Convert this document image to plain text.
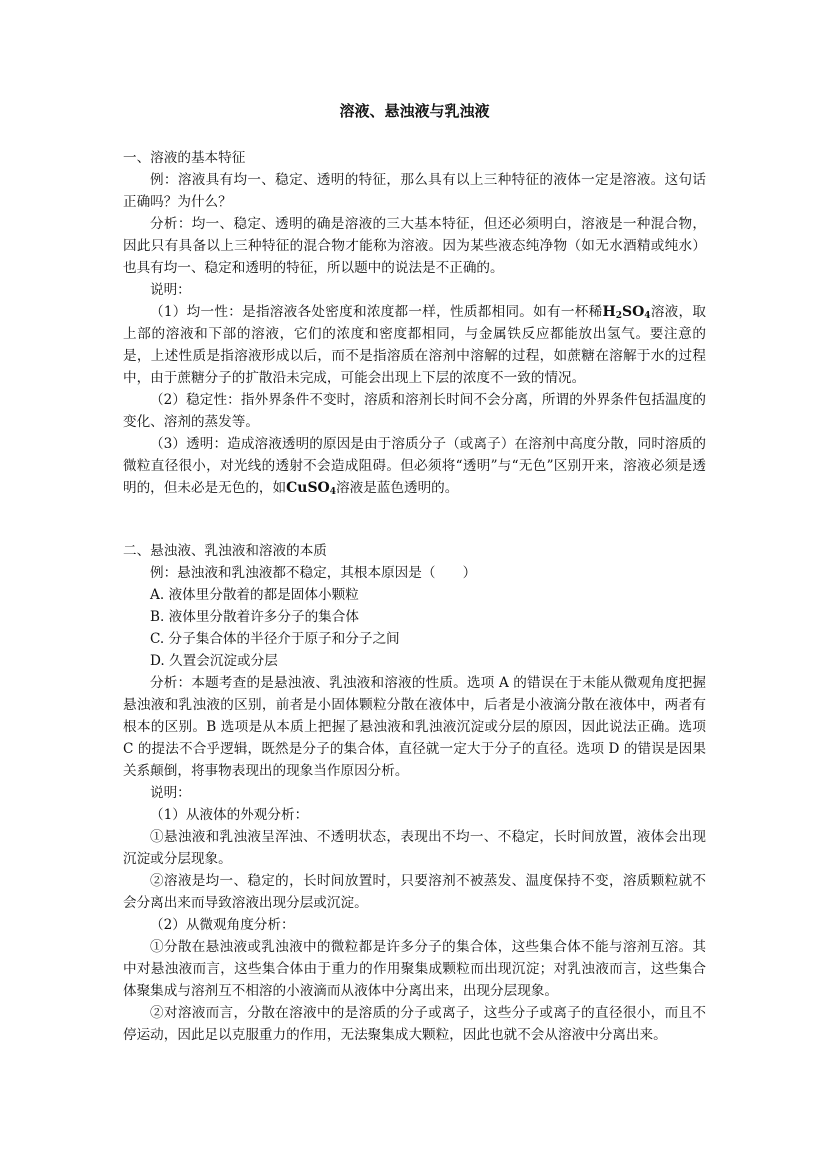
溶液、悬浊液与乳浊液

一、溶液的基本特征

例：溶液具有均一、稳定、透明的特征，那么具有以上三种特征的液体一定是溶液。这句话正确吗？为什么？

分析：均一、稳定、透明的确是溶液的三大基本特征，但还必须明白，溶液是一种混合物，因此只有具备以上三种特征的混合物才能称为溶液。因为某些液态纯净物（如无水酒精或纯水）也具有均一、稳定和透明的特征，所以题中的说法是不正确的。

说明：

（1）均一性：是指溶液各处密度和浓度都一样，性质都相同。如有一杯稀$H_2SO_4$溶液，取上部的溶液和下部的溶液，它们的浓度和密度都相同，与金属铁反应都能放出氢气。要注意的是，上述性质是指溶液形成以后，而不是指溶质在溶剂中溶解的过程，如蔗糖在溶解于水的过程中，由于蔗糖分子的扩散沿未完成，可能会出现上下层的浓度不一致的情况。

（2）稳定性：指外界条件不变时，溶质和溶剂长时间不会分离，所谓的外界条件包括温度的变化、溶剂的蒸发等。

（3）透明：造成溶液透明的原因是由于溶质分子（或离子）在溶剂中高度分散，同时溶质的微粒直径很小，对光线的透射不会造成阻碍。但必须将“透明”与“无色”区别开来，溶液必须是透明的，但未必是无色的，如CuSO$_4$溶液是蓝色透明的。

二、悬浊液、乳浊液和溶液的本质

例：悬浊液和乳浊液都不稳定，其根本原因是（　　）

A. 液体里分散着的都是固体小颗粒

B. 液体里分散着许多分子的集合体

C. 分子集合体的半径介于原子和分子之间

D. 久置会沉淀或分层

分析：本题考查的是悬浊液、乳浊液和溶液的性质。选项 A 的错误在于未能从微观角度把握悬浊液和乳浊液的区别，前者是小固体颗粒分散在液体中，后者是小液滴分散在液体中，两者有根本的区别。B 选项是从本质上把握了悬浊液和乳浊液沉淀或分层的原因，因此说法正确。选项 C 的提法不合乎逻辑，既然是分子的集合体，直径就一定大于分子的直径。选项 D 的错误是因果关系颠倒，将事物表现出的现象当作原因分析。

说明：

（1）从液体的外观分析：

①悬浊液和乳浊液呈浑浊、不透明状态，表现出不均一、不稳定，长时间放置，液体会出现沉淀或分层现象。

②溶液是均一、稳定的，长时间放置时，只要溶剂不被蒸发、温度保持不变，溶质颗粒就不会分离出来而导致溶液出现分层或沉淀。

（2）从微观角度分析：

①分散在悬浊液或乳浊液中的微粒都是许多分子的集合体，这些集合体不能与溶剂互溶。其中对悬浊液而言，这些集合体由于重力的作用聚集成颗粒而出现沉淀；对乳浊液而言，这些集合体聚集成与溶剂互不相溶的小液滴而从液体中分离出来，出现分层现象。

②对溶液而言，分散在溶液中的是溶质的分子或离子，这些分子或离子的直径很小，而且不停运动，因此足以克服重力的作用，无法聚集成大颗粒，因此也就不会从溶液中分离出来。
